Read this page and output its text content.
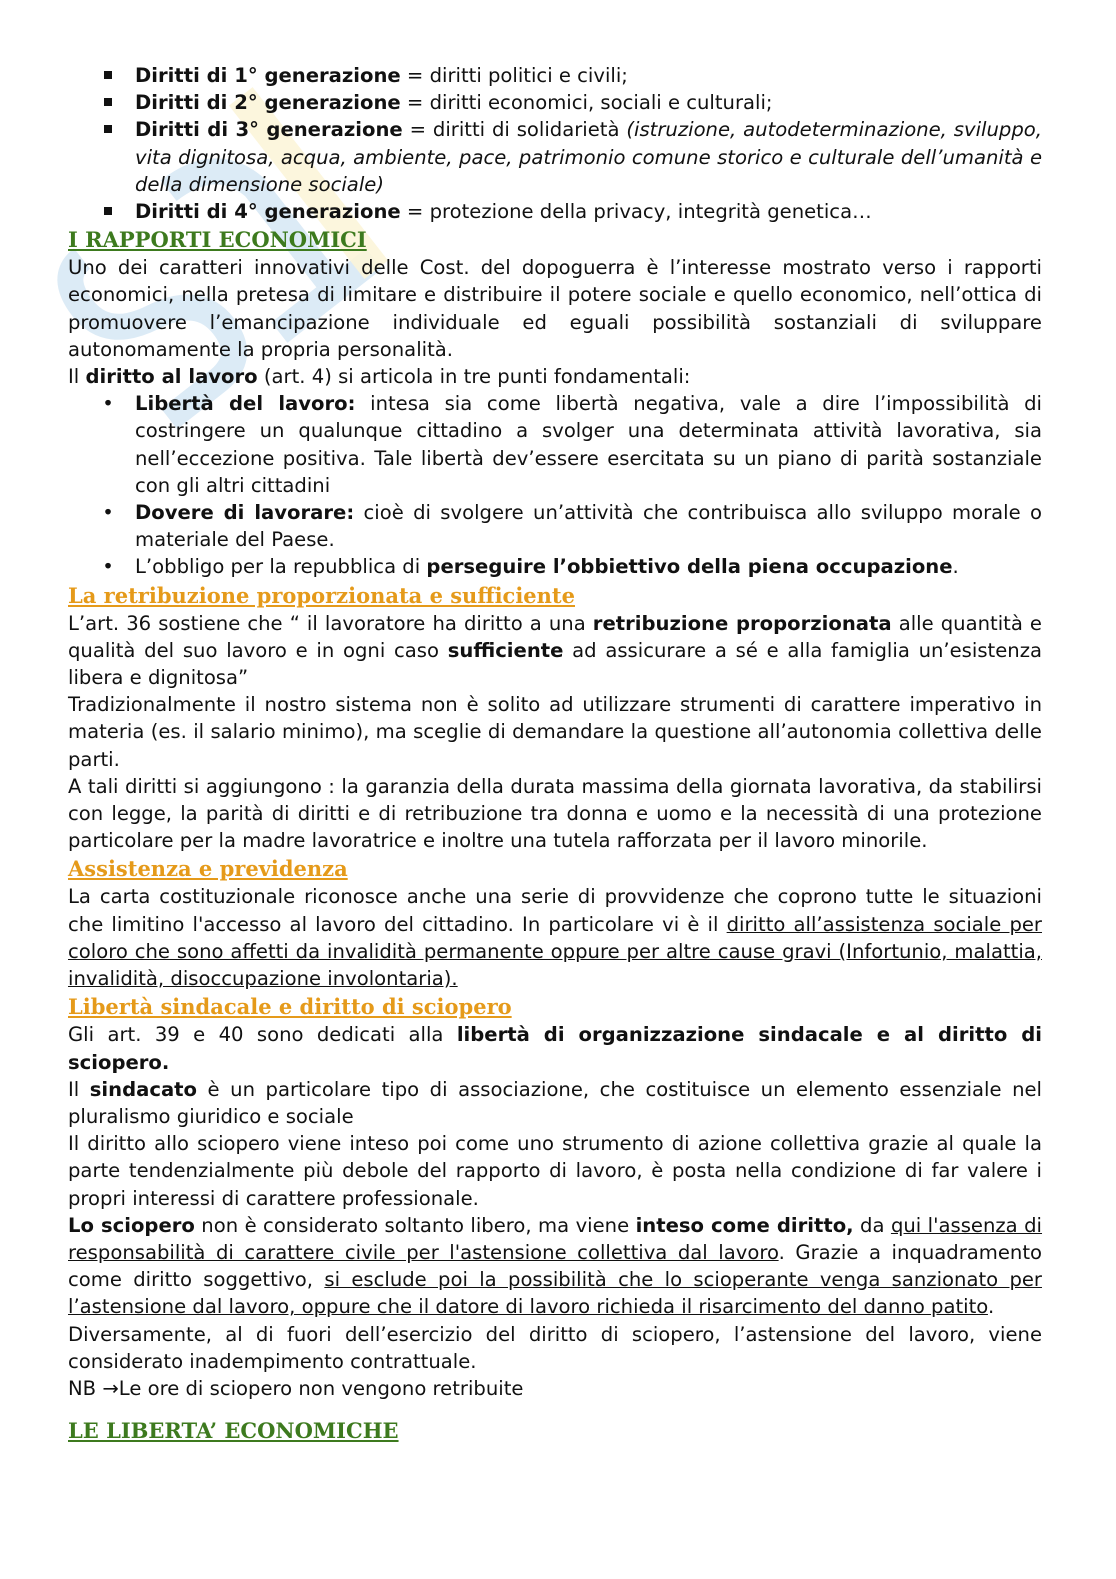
Diritti di 1° generazione = diritti politici e civili;
Diritti di 2° generazione = diritti economici, sociali e culturali;
Diritti di 3° generazione = diritti di solidarietà (istruzione, autodeterminazione, sviluppo, vita dignitosa, acqua, ambiente, pace, patrimonio comune storico e culturale dell’umanità e della dimensione sociale)
Diritti di 4° generazione = protezione della privacy, integrità genetica…
I RAPPORTI ECONOMICI

Uno dei caratteri innovativi delle Cost. del dopoguerra è l’interesse mostrato verso i rapporti economici, nella pretesa di limitare e distribuire il potere sociale e quello economico, nell’ottica di promuovere l’emancipazione individuale ed eguali possibilità sostanziali di sviluppare autonomamente la propria personalità.

Il diritto al lavoro (art. 4) si articola in tre punti fondamentali:

• Libertà del lavoro: intesa sia come libertà negativa, vale a dire l’impossibilità di costringere un qualunque cittadino a svolger una determinata attività lavorativa, sia nell’eccezione positiva. Tale libertà dev’essere esercitata su un piano di parità sostanziale con gli altri cittadini
• Dovere di lavorare: cioè di svolgere un’attività che contribuisca allo sviluppo morale o materiale del Paese.
• L’obbligo per la repubblica di perseguire l’obbiettivo della piena occupazione.
La retribuzione proporzionata e sufficiente

L’art. 36 sostiene che “ il lavoratore ha diritto a una retribuzione proporzionata alle quantità e qualità del suo lavoro e in ogni caso sufficiente ad assicurare a sé e alla famiglia un’esistenza libera e dignitosa”

Tradizionalmente il nostro sistema non è solito ad utilizzare strumenti di carattere imperativo in materia (es. il salario minimo), ma sceglie di demandare la questione all’autonomia collettiva delle parti.

A tali diritti si aggiungono : la garanzia della durata massima della giornata lavorativa, da stabilirsi con legge, la parità di diritti e di retribuzione tra donna e uomo e la necessità di una protezione particolare per la madre lavoratrice e inoltre una tutela rafforzata per il lavoro minorile.

Assistenza e previdenza

La carta costituzionale riconosce anche una serie di provvidenze che coprono tutte le situazioni che limitino l'accesso al lavoro del cittadino. In particolare vi è il diritto all’assistenza sociale per coloro che sono affetti da invalidità permanente oppure per altre cause gravi (Infortunio, malattia, invalidità, disoccupazione involontaria).

Libertà sindacale e diritto di sciopero

Gli art. 39 e 40 sono dedicati alla libertà di organizzazione sindacale e al diritto di sciopero.

Il sindacato è un particolare tipo di associazione, che costituisce un elemento essenziale nel pluralismo giuridico e sociale

Il diritto allo sciopero viene inteso poi come uno strumento di azione collettiva grazie al quale la parte tendenzialmente più debole del rapporto di lavoro, è posta nella condizione di far valere i propri interessi di carattere professionale.

Lo sciopero non è considerato soltanto libero, ma viene inteso come diritto, da qui l'assenza di responsabilità di carattere civile per l'astensione collettiva dal lavoro. Grazie a inquadramento come diritto soggettivo, si esclude poi la possibilità che lo scioperante venga sanzionato per l’astensione dal lavoro, oppure che il datore di lavoro richieda il risarcimento del danno patito.

Diversamente, al di fuori dell’esercizio del diritto di sciopero, l’astensione del lavoro, viene considerato inadempimento contrattuale.

NB →Le ore di sciopero non vengono retribuite

LE LIBERTA’ ECONOMICHE
